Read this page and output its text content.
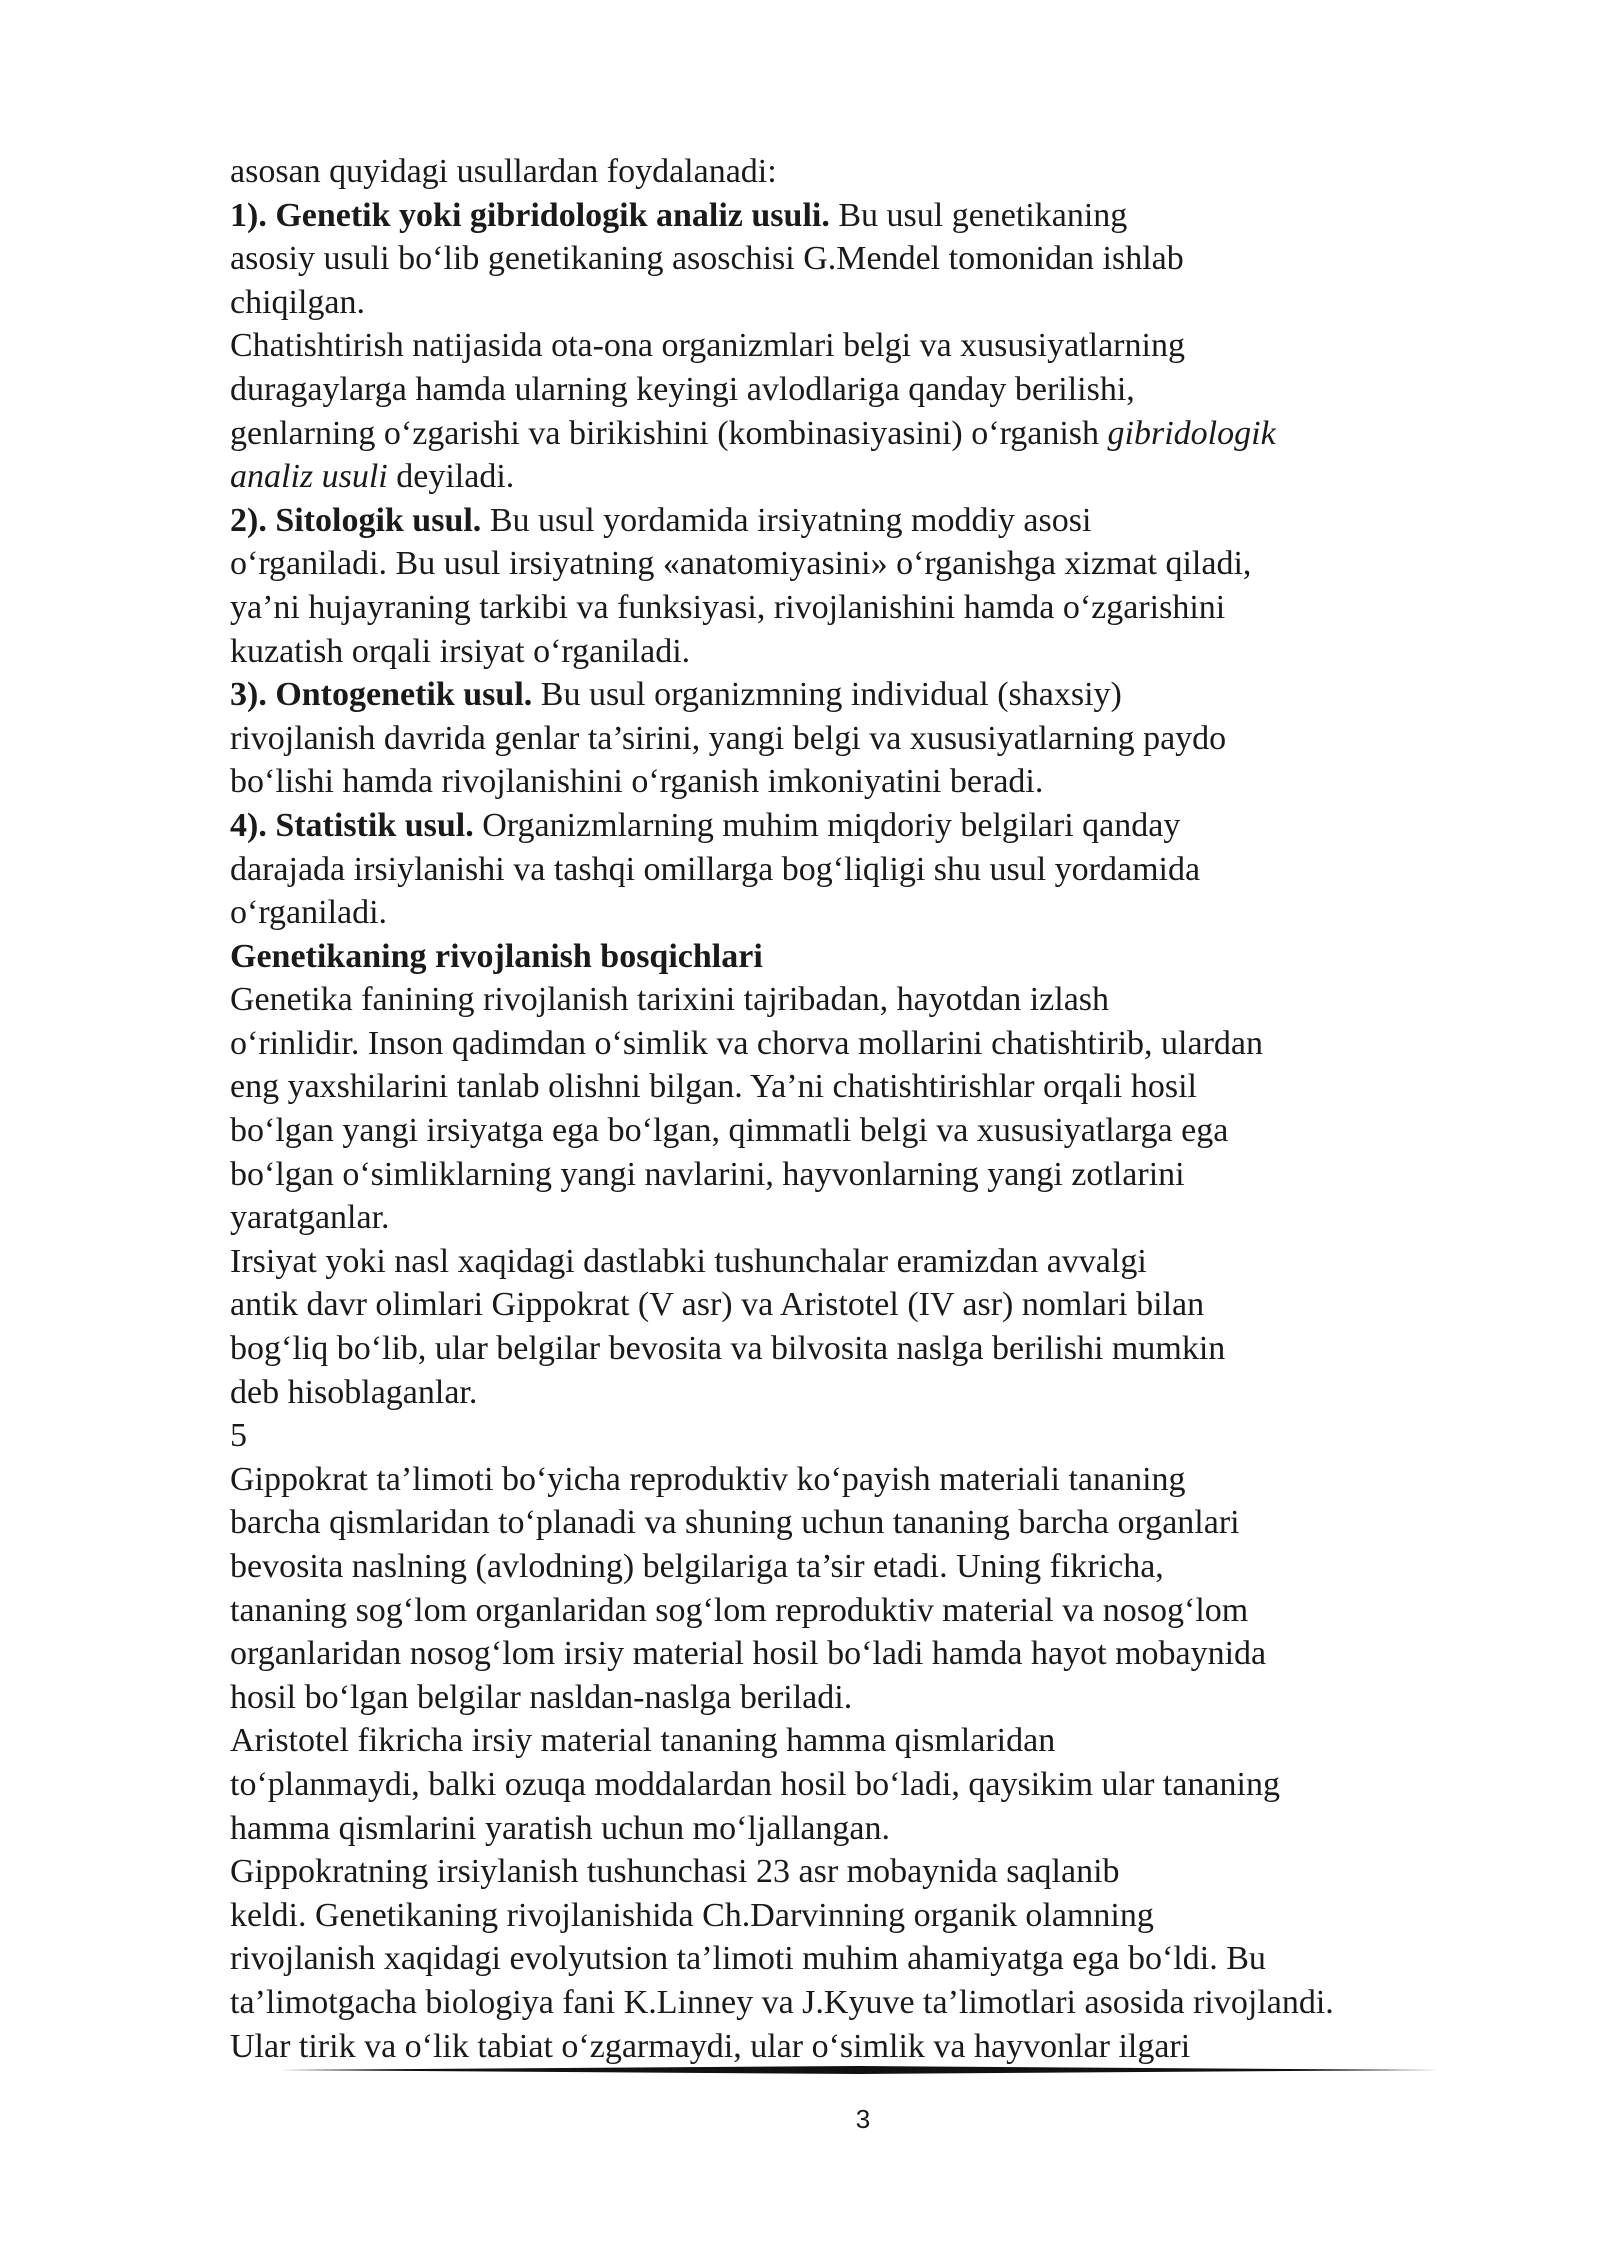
asosan quyidagi usullardan foydalanadi:
1). Genetik yoki gibridologik analiz usuli. Bu usul genetikaning
asosiy usuli bo‘lib genetikaning asoschisi G.Mendel tomonidan ishlab
chiqilgan.
Chatishtirish natijasida ota-ona organizmlari belgi va xususiyatlarning
duragaylarga hamda ularning keyingi avlodlariga qanday berilishi,
genlarning o‘zgarishi va birikishini (kombinasiyasini) o‘rganish gibridologik
analiz usuli deyiladi.
2). Sitologik usul. Bu usul yordamida irsiyatning moddiy asosi
o‘rganiladi. Bu usul irsiyatning «anatomiyasini» o‘rganishga xizmat qiladi,
ya’ni hujayraning tarkibi va funksiyasi, rivojlanishini hamda o‘zgarishini
kuzatish orqali irsiyat o‘rganiladi.
3). Ontogenetik usul. Bu usul organizmning individual (shaxsiy)
rivojlanish davrida genlar ta’sirini, yangi belgi va xususiyatlarning paydo
bo‘lishi hamda rivojlanishini o‘rganish imkoniyatini beradi.
4). Statistik usul. Organizmlarning muhim miqdoriy belgilari qanday
darajada irsiylanishi va tashqi omillarga bog‘liqligi shu usul yordamida
o‘rganiladi.
Genetikaning rivojlanish bosqichlari
Genetika fanining rivojlanish tarixini tajribadan, hayotdan izlash
o‘rinlidir. Inson qadimdan o‘simlik va chorva mollarini chatishtirib, ulardan
eng yaxshilarini tanlab olishni bilgan. Ya’ni chatishtirishlar orqali hosil
bo‘lgan yangi irsiyatga ega bo‘lgan, qimmatli belgi va xususiyatlarga ega
bo‘lgan o‘simliklarning yangi navlarini, hayvonlarning yangi zotlarini
yaratganlar.
Irsiyat yoki nasl xaqidagi dastlabki tushunchalar eramizdan avvalgi
antik davr olimlari Gippokrat (V asr) va Aristotel (IV asr) nomlari bilan
bog‘liq bo‘lib, ular belgilar bevosita va bilvosita naslga berilishi mumkin
deb hisoblaganlar.
5
Gippokrat ta’limoti bo‘yicha reproduktiv ko‘payish materiali tananing
barcha qismlaridan to‘planadi va shuning uchun tananing barcha organlari
bevosita naslning (avlodning) belgilariga ta’sir etadi. Uning fikricha,
tananing sog‘lom organlaridan sog‘lom reproduktiv material va nosog‘lom
organlaridan nosog‘lom irsiy material hosil bo‘ladi hamda hayot mobaynida
hosil bo‘lgan belgilar nasldan-naslga beriladi.
Aristotel fikricha irsiy material tananing hamma qismlaridan
to‘planmaydi, balki ozuqa moddalardan hosil bo‘ladi, qaysikim ular tananing
hamma qismlarini yaratish uchun mo‘ljallangan.
Gippokratning irsiylanish tushunchasi 23 asr mobaynida saqlanib
keldi. Genetikaning rivojlanishida Ch.Darvinning organik olamning
rivojlanish xaqidagi evolyutsion ta’limoti muhim ahamiyatga ega bo‘ldi. Bu
ta’limotgacha biologiya fani K.Linney va J.Kyuve ta’limotlari asosida rivojlandi.
Ular tirik va o‘lik tabiat o‘zgarmaydi, ular o‘simlik va hayvonlar ilgari
3
